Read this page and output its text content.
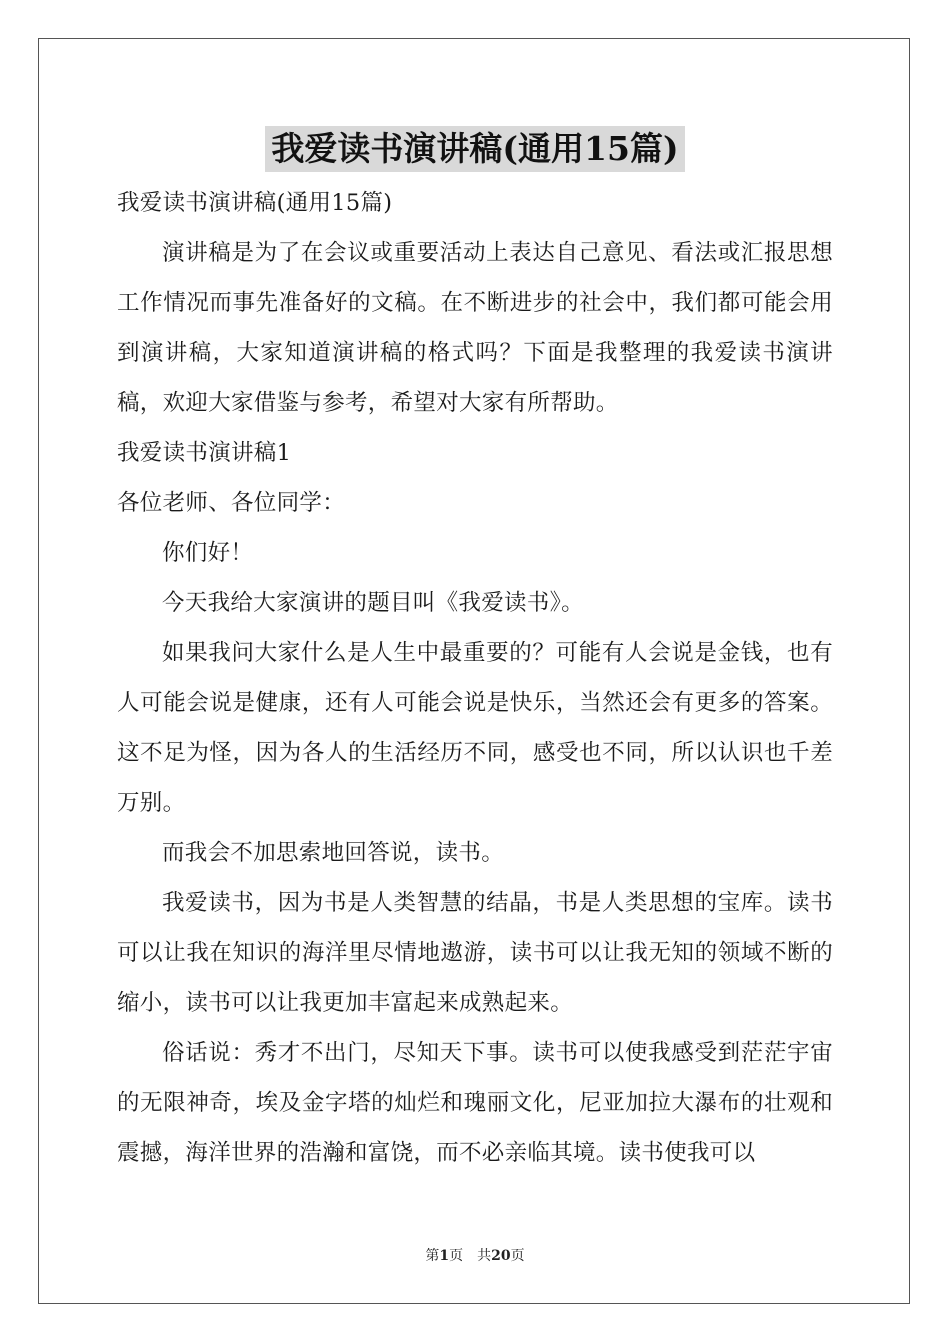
我爱读书演讲稿(通用15篇)

我爱读书演讲稿(通用15篇)

演讲稿是为了在会议或重要活动上表达自己意见、看法或汇报思想工作情况而事先准备好的文稿。在不断进步的社会中，我们都可能会用到演讲稿，大家知道演讲稿的格式吗？下面是我整理的我爱读书演讲稿，欢迎大家借鉴与参考，希望对大家有所帮助。

我爱读书演讲稿1

各位老师、各位同学：

你们好！

今天我给大家演讲的题目叫《我爱读书》。

如果我问大家什么是人生中最重要的？可能有人会说是金钱，也有人可能会说是健康，还有人可能会说是快乐，当然还会有更多的答案。这不足为怪，因为各人的生活经历不同，感受也不同，所以认识也千差万别。

而我会不加思索地回答说，读书。

我爱读书，因为书是人类智慧的结晶，书是人类思想的宝库。读书可以让我在知识的海洋里尽情地遨游，读书可以让我无知的领域不断的缩小，读书可以让我更加丰富起来成熟起来。

俗话说：秀才不出门，尽知天下事。读书可以使我感受到茫茫宇宙的无限神奇，埃及金字塔的灿烂和瑰丽文化，尼亚加拉大瀑布的壮观和震撼，海洋世界的浩瀚和富饶，而不必亲临其境。读书使我可以

第1页 共20页
